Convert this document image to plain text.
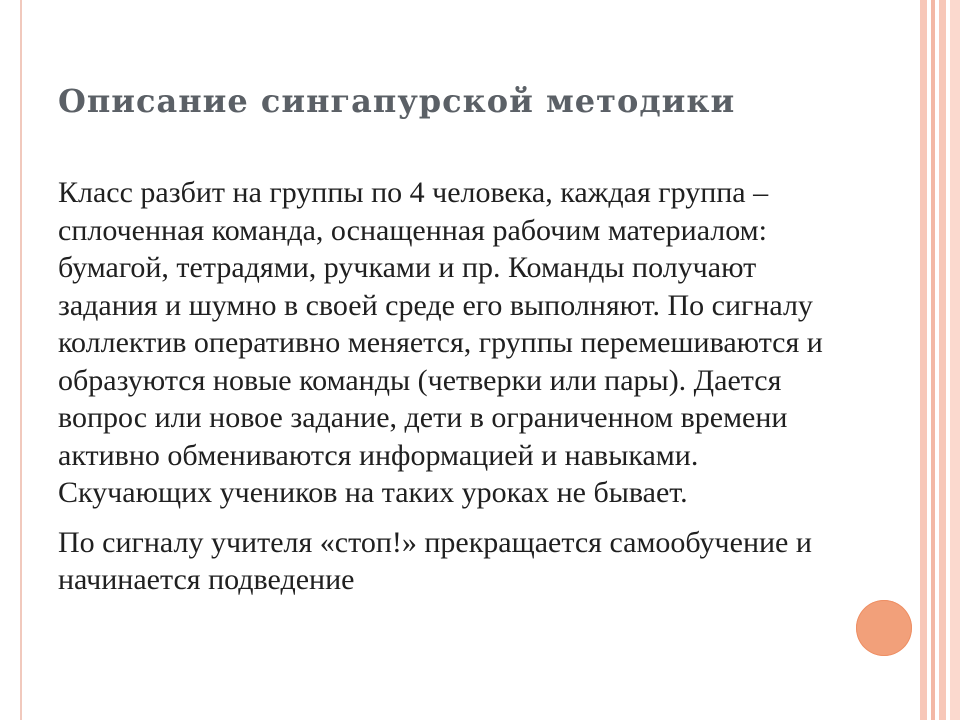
Описание сингапурской методики

Класс разбит на группы по 4 человека, каждая группа – сплоченная команда, оснащенная рабочим материалом: бумагой, тетрадями, ручками и пр. Команды получают задания и шумно в своей среде его выполняют. По сигналу коллектив оперативно меняется, группы перемешиваются и образуются новые команды (четверки или пары). Дается вопрос или новое задание, дети в ограниченном времени активно обмениваются информацией и навыками. Скучающих учеников на таких уроках не бывает.

По сигналу учителя «стоп!» прекращается самообучение и начинается подведение
